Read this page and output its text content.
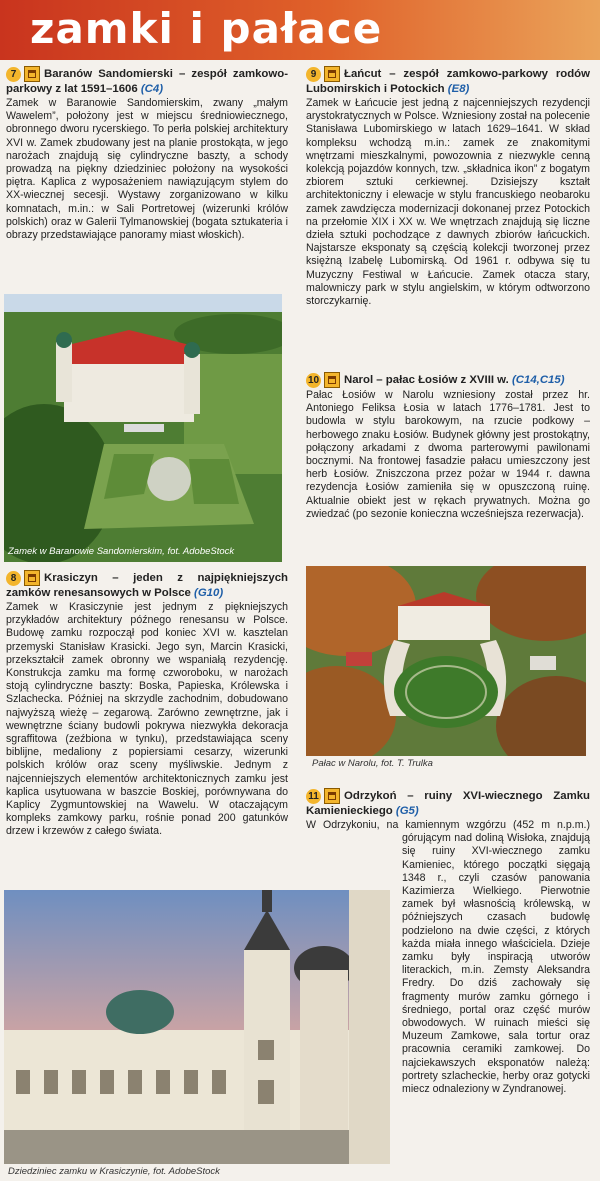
zamki i pałace
7 Baranów Sandomierski – zespół zamkowo-parkowy z lat 1591–1606 (C4)

Zamek w Baranowie Sandomierskim, zwany „małym Wawelem”, położony jest w miejscu średniowiecznego, obronnego dworu rycerskiego. To perła polskiej architektury XVI w. Zamek zbudowany jest na planie prostokąta, w jego narożach znajdują się cylindryczne baszty, a schody prowadzą na piękny dziedziniec położony na wysokości piętra. Kaplica z wyposażeniem nawiązującym stylem do XX-wiecznej secesji. Wystawy zorganizowano w kilku komnatach, m.in.: w Sali Portretowej (wizerunki królów polskich) oraz w Galerii Tylmanowskiej (bogata sztukateria i obrazy przedstawiające panoramy miast włoskich).

Zamek w Baranowie Sandomierskim, fot. AdobeStock
8 Krasiczyn – jeden z najpiękniejszych zamków renesansowych w Polsce (G10)

Zamek w Krasiczynie jest jednym z piękniejszych przykładów architektury późnego renesansu w Polsce. Budowę zamku rozpoczął pod koniec XVI w. kasztelan przemyski Stanisław Krasicki. Jego syn, Marcin Krasicki, przekształcił zamek obronny we wspaniałą rezydencję. Konstrukcja zamku ma formę czworoboku, w narożach stoją cylindryczne baszty: Boska, Papieska, Królewska i Szlachecka. Później na skrzydle zachodnim, dobudowano najwyższą wieżę – zegarową. Zarówno zewnętrzne, jak i wewnętrzne ściany budowli pokrywa niezwykła dekoracja sgraffitowa (zeźbiona w tynku), przedstawiająca sceny biblijne, medaliony z popiersiami cesarzy, wizerunki polskich królów oraz sceny myśliwskie. Jednym z najcenniejszych elementów architektonicznych zamku jest kaplica usytuowana w baszcie Boskiej, porównywana do Kaplicy Zygmuntowskiej na Wawelu. W otaczającym kompleks zamkowy parku, rośnie ponad 200 gatunków drzew i krzewów z całego świata.

Dziedziniec zamku w Krasiczynie, fot. AdobeStock
9 Łańcut – zespół zamkowo-parkowy rodów Lubomirskich i Potockich (E8)

Zamek w Łańcucie jest jedną z najcenniejszych rezydencji arystokratycznych w Polsce. Wzniesiony został na polecenie Stanisława Lubomirskiego w latach 1629–1641. W skład kompleksu wchodzą m.in.: zamek ze znakomitymi wnętrzami mieszkalnymi, powozownia z niezwykle cenną kolekcją pojazdów konnych, tzw. „składnica ikon” z bogatym zbiorem sztuki cerkiewnej. Dzisiejszy kształt architektoniczny i elewacje w stylu francuskiego neobaroku zamek zawdzięcza modernizacji dokonanej przez Potockich na przełomie XIX i XX w. We wnętrzach znajdują się liczne dzieła sztuki pochodzące z dawnych zbiorów łańcuckich. Najstarsze eksponaty są częścią kolekcji tworzonej przez księżną Izabelę Lubomirską. Od 1961 r. odbywa się tu Muzyczny Festiwal w Łańcucie. Zamek otacza stary, malowniczy park w stylu angielskim, w którym odtworzono storczykarnię.

10 Narol – pałac Łosiów z XVIII w. (C14,C15)

Pałac Łosiów w Narolu wzniesiony został przez hr. Antoniego Feliksa Łosia w latach 1776–1781. Jest to budowla w stylu barokowym, na rzucie podkowy – herbowego znaku Łosiów. Budynek główny jest prostokątny, połączony arkadami z dwoma parterowymi pawilonami bocznymi. Na frontowej fasadzie pałacu umieszczony jest herb Łosiów. Zniszczona przez pożar w 1944 r. dawna rezydencja Łosiów zamieniła się w opuszczoną ruinę. Aktualnie obiekt jest w rękach prywatnych. Można go zwiedzać (po sezonie konieczna wcześniejsza rezerwacja).

Pałac w Narolu, fot. T. Trulka
11 Odrzykoń – ruiny XVI-wiecznego Zamku Kamienieckiego (G5)

W Odrzykoniu, na kamiennym wzgórzu (452 m n.p.m.) górującym nad doliną Wisłoka, znajdują się ruiny XVI-wiecznego zamku Kamieniec, którego początki sięgają 1348 r., czyli czasów panowania Kazimierza Wielkiego. Pierwotnie zamek był własnością królewską, w późniejszych czasach budowlę podzielono na dwie części, z których każda miała innego właściciela. Dzieje zamku były inspiracją utworów literackich, m.in. Zemsty Aleksandra Fredry. Do dziś zachowały się fragmenty murów zamku górnego i średniego, portal oraz część murów obwodowych. W ruinach mieści się Muzeum Zamkowe, sala tortur oraz pracownia ceramiki zamkowej. Do najciekawszych eksponatów należą: portrety szlacheckie, herby oraz gotycki miecz odnaleziony w Zyndranowej.
